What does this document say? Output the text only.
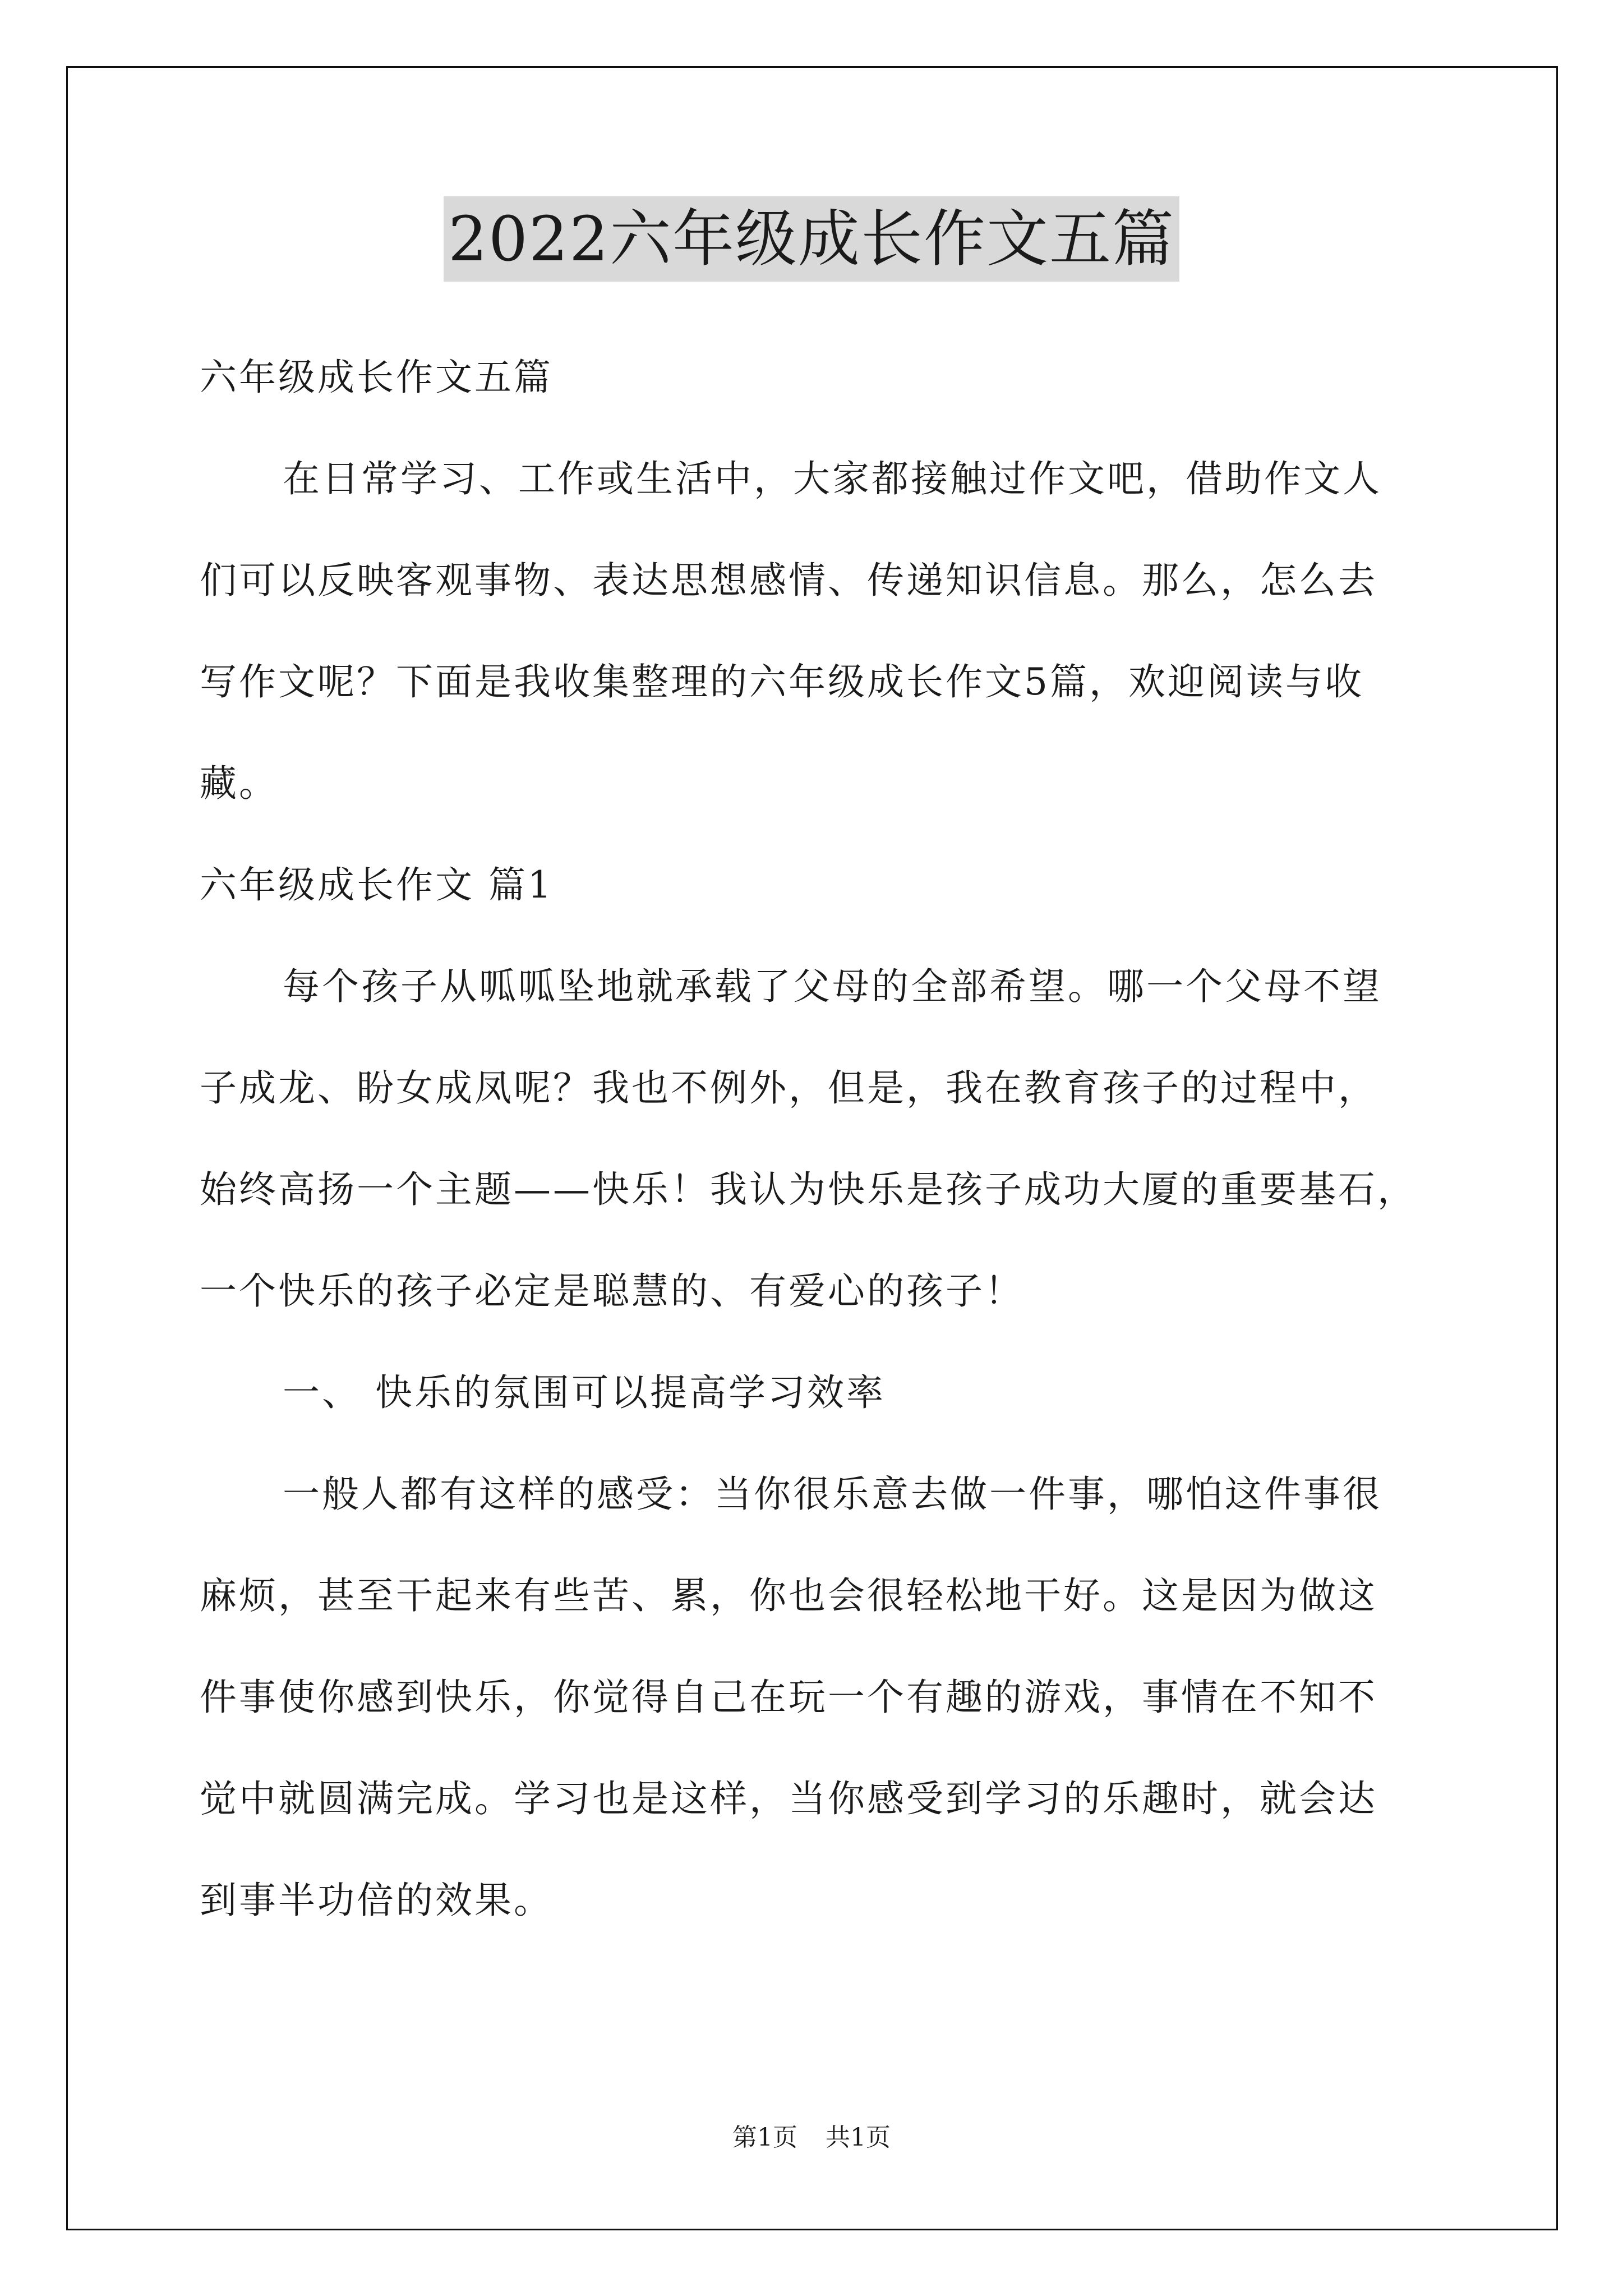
2022六年级成长作文五篇

六年级成长作文五篇

在日常学习、工作或生活中，大家都接触过作文吧，借助作文人

们可以反映客观事物、表达思想感情、传递知识信息。那么，怎么去

写作文呢？下面是我收集整理的六年级成长作文5篇，欢迎阅读与收

藏。

六年级成长作文 篇1

每个孩子从呱呱坠地就承载了父母的全部希望。哪一个父母不望

子成龙、盼女成凤呢？我也不例外，但是，我在教育孩子的过程中，

始终高扬一个主题——快乐！我认为快乐是孩子成功大厦的重要基石，

一个快乐的孩子必定是聪慧的、有爱心的孩子！

一、 快乐的氛围可以提高学习效率

一般人都有这样的感受：当你很乐意去做一件事，哪怕这件事很

麻烦，甚至干起来有些苦、累，你也会很轻松地干好。这是因为做这

件事使你感到快乐，你觉得自己在玩一个有趣的游戏，事情在不知不

觉中就圆满完成。学习也是这样，当你感受到学习的乐趣时，就会达

到事半功倍的效果。

第1页 共1页
